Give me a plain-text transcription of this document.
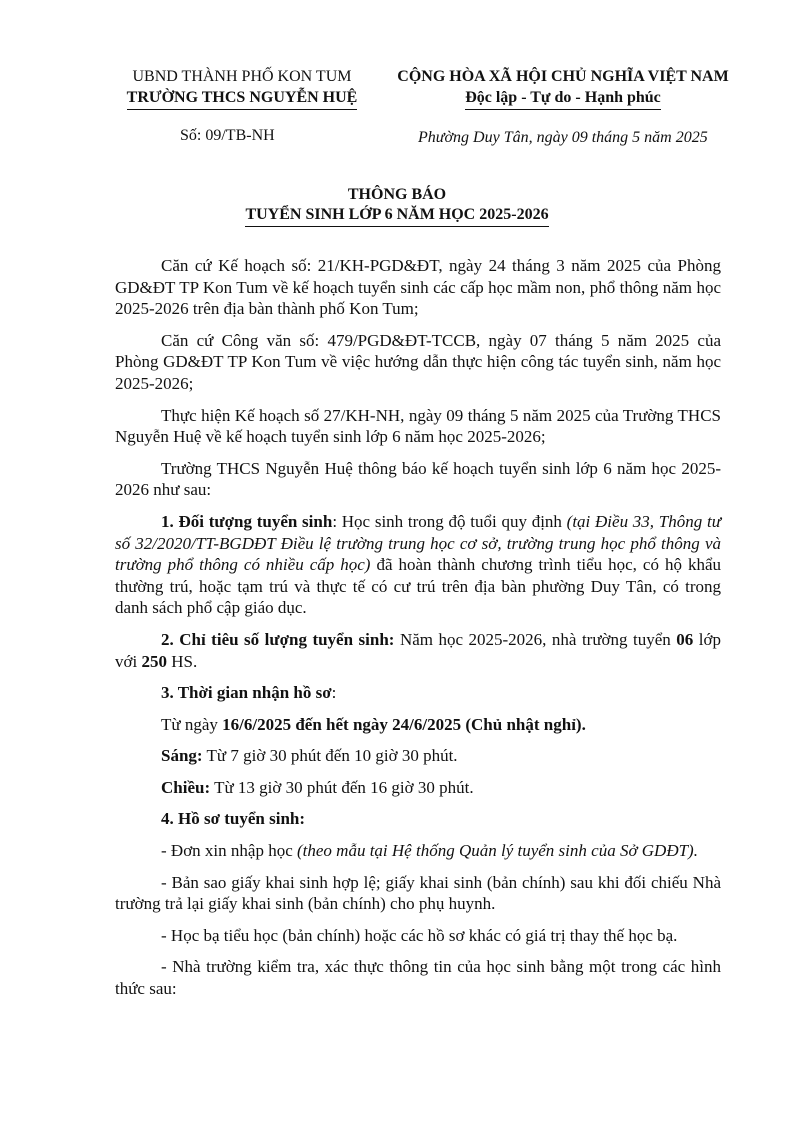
UBND THÀNH PHỐ KON TUM
TRƯỜNG THCS NGUYỄN HUỆ
CỘNG HÒA XÃ HỘI CHỦ NGHĨA VIỆT NAM
Độc lập - Tự do - Hạnh phúc
Số: 09/TB-NH	Phường Duy Tân, ngày 09 tháng 5 năm 2025
THÔNG BÁO
TUYỂN SINH LỚP 6 NĂM HỌC 2025-2026

Căn cứ Kế hoạch số: 21/KH-PGD&ĐT, ngày 24 tháng 3 năm 2025 của Phòng GD&ĐT TP Kon Tum về kế hoạch tuyển sinh các cấp học mầm non, phổ thông năm học 2025-2026 trên địa bàn thành phố Kon Tum;

Căn cứ Công văn số: 479/PGD&ĐT-TCCB, ngày 07 tháng 5 năm 2025 của Phòng GD&ĐT TP Kon Tum về việc hướng dẫn thực hiện công tác tuyển sinh, năm học 2025-2026;

Thực hiện Kế hoạch số 27/KH-NH, ngày 09 tháng 5 năm 2025 của Trường THCS Nguyễn Huệ về kế hoạch tuyển sinh lớp 6 năm học 2025-2026;

Trường THCS Nguyễn Huệ thông báo kế hoạch tuyển sinh lớp 6 năm học 2025-2026 như sau:

1. Đối tượng tuyển sinh: Học sinh trong độ tuổi quy định (tại Điều 33, Thông tư số 32/2020/TT-BGDĐT Điều lệ trường trung học cơ sở, trường trung học phổ thông và trường phổ thông có nhiều cấp học) đã hoàn thành chương trình tiểu học, có hộ khẩu thường trú, hoặc tạm trú và thực tế có cư trú trên địa bàn phường Duy Tân, có trong danh sách phổ cập giáo dục.

2. Chỉ tiêu số lượng tuyển sinh: Năm học 2025-2026, nhà trường tuyển 06 lớp với 250 HS.

3. Thời gian nhận hồ sơ:

Từ ngày 16/6/2025 đến hết ngày 24/6/2025 (Chủ nhật nghỉ).

Sáng: Từ 7 giờ 30 phút đến 10 giờ 30 phút.

Chiều: Từ 13 giờ 30 phút đến 16 giờ 30 phút.

4. Hồ sơ tuyển sinh:

- Đơn xin nhập học (theo mẫu tại Hệ thống Quản lý tuyển sinh của Sở GDĐT).

- Bản sao giấy khai sinh hợp lệ; giấy khai sinh (bản chính) sau khi đối chiếu Nhà trường trả lại giấy khai sinh (bản chính) cho phụ huynh.

- Học bạ tiểu học (bản chính) hoặc các hồ sơ khác có giá trị thay thế học bạ.

- Nhà trường kiểm tra, xác thực thông tin của học sinh bằng một trong các hình thức sau:
